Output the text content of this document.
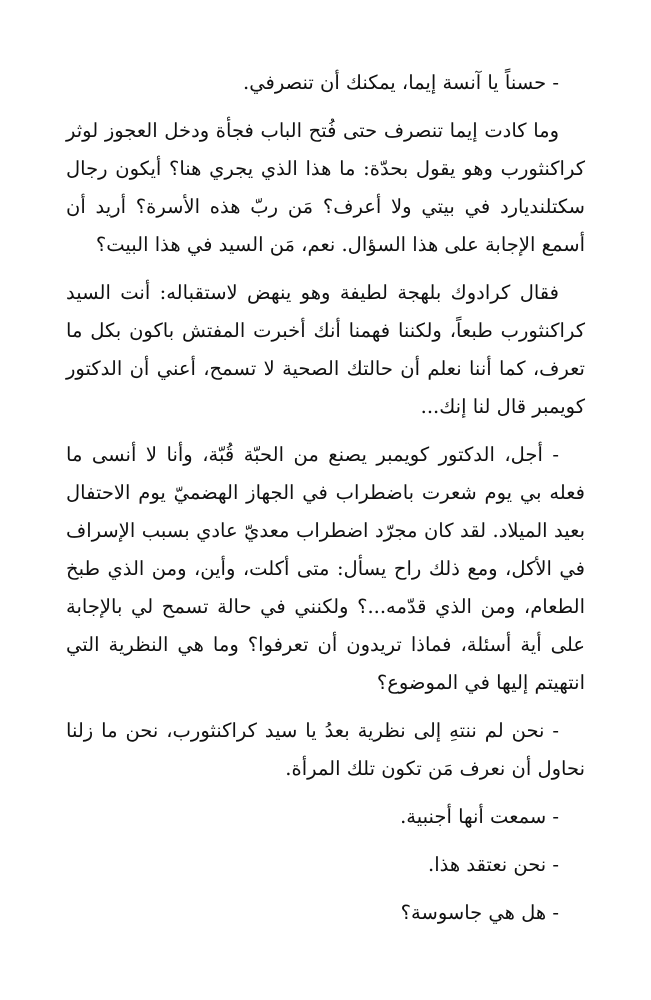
- حسناً يا آنسة إيما، يمكنك أن تنصرفي.

وما كادت إيما تنصرف حتى فُتح الباب فجأة ودخل العجوز لوثر كراكنثورب وهو يقول بحدّة: ما هذا الذي يجري هنا؟ أيكون رجال سكتلنديارد في بيتي ولا أعرف؟ مَن ربّ هذه الأسرة؟ أريد أن أسمع الإجابة على هذا السؤال. نعم، مَن السيد في هذا البيت؟

فقال كرادوك بلهجة لطيفة وهو ينهض لاستقباله: أنت السيد كراكنثورب طبعاً، ولكننا فهمنا أنك أخبرت المفتش باكون بكل ما تعرف، كما أننا نعلم أن حالتك الصحية لا تسمح، أعني أن الدكتور كويمبر قال لنا إنك...

- أجل، الدكتور كويمبر يصنع من الحبّة قُبّة، وأنا لا أنسى ما فعله بي يوم شعرت باضطراب في الجهاز الهضميّ يوم الاحتفال بعيد الميلاد. لقد كان مجرّد اضطراب معديّ عادي بسبب الإسراف في الأكل، ومع ذلك راح يسأل: متى أكلت، وأين، ومن الذي طبخ الطعام، ومن الذي قدّمه...؟ ولكنني في حالة تسمح لي بالإجابة على أية أسئلة، فماذا تريدون أن تعرفوا؟ وما هي النظرية التي انتهيتم إليها في الموضوع؟

- نحن لم ننتهِ إلى نظرية بعدُ يا سيد كراكنثورب، نحن ما زلنا نحاول أن نعرف مَن تكون تلك المرأة.

- سمعت أنها أجنبية.

- نحن نعتقد هذا.

- هل هي جاسوسة؟
